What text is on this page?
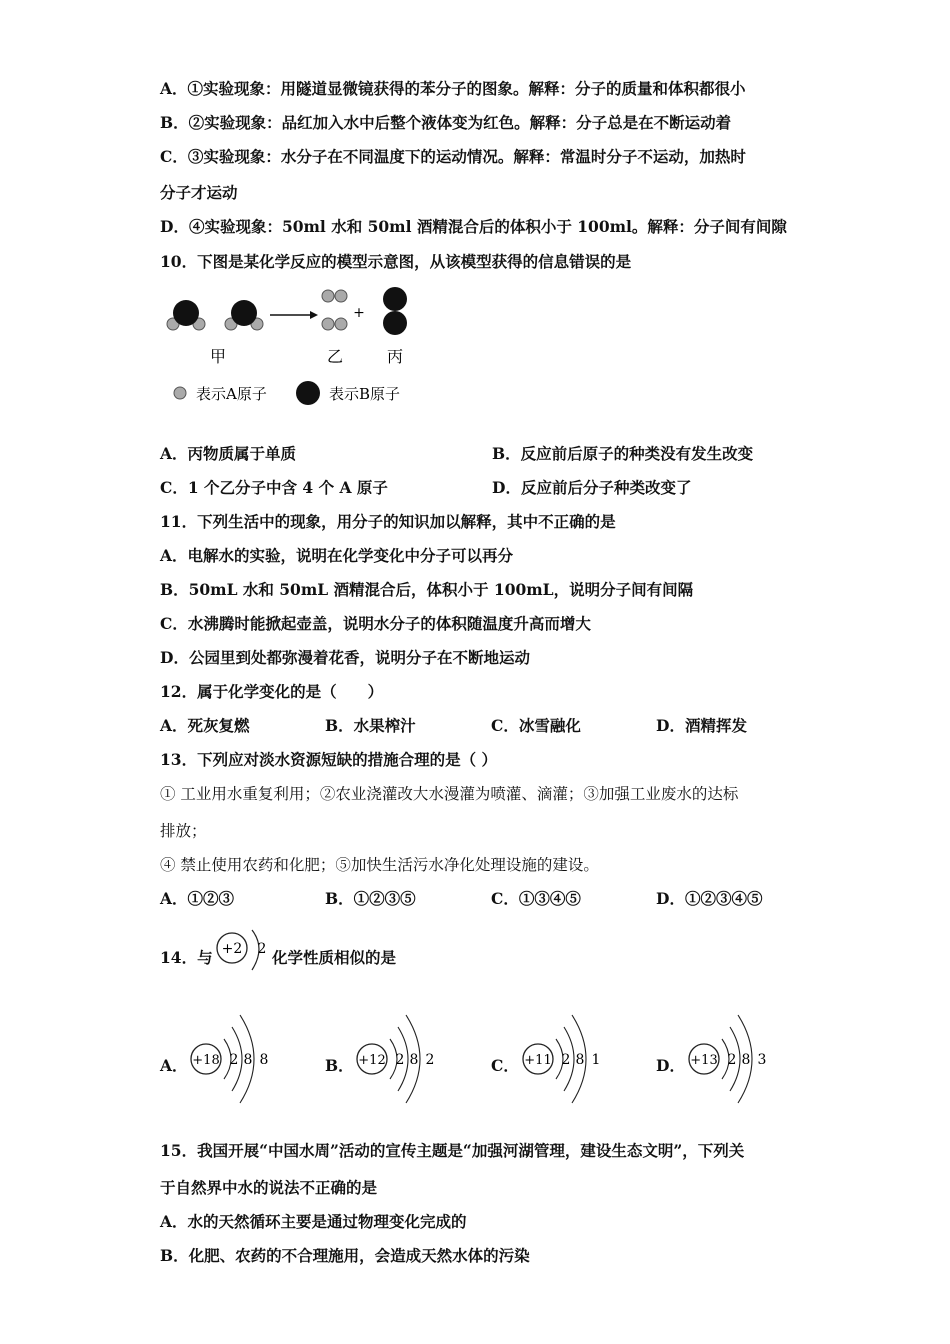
A．①实验现象：用隧道显微镜获得的苯分子的图象。解释：分子的质量和体积都很小
B．②实验现象：品红加入水中后整个液体变为红色。解释：分子总是在不断运动着
C．③实验现象：水分子在不同温度下的运动情况。解释：常温时分子不运动，加热时
分子才运动
D．④实验现象：50ml 水和 50ml 酒精混合后的体积小于 100ml。解释：分子间有间隙
10．下图是某化学反应的模型示意图，从该模型获得的信息错误的是
+
甲	乙	丙
表示A原子	表示B原子
A．丙物质属于单质	B．反应前后原子的种类没有发生改变
C．1 个乙分子中含 4 个 A 原子	D．反应前后分子种类改变了
11．下列生活中的现象，用分子的知识加以解释，其中不正确的是
A．电解水的实验，说明在化学变化中分子可以再分
B．50mL 水和 50mL 酒精混合后，体积小于 100mL，说明分子间有间隔
C．水沸腾时能掀起壶盖，说明水分子的体积随温度升高而增大
D．公园里到处都弥漫着花香，说明分子在不断地运动
12．属于化学变化的是（　　）
A．死灰复燃	B．水果榨汁	C．冰雪融化	D．酒精挥发
13．下列应对淡水资源短缺的措施合理的是（ ）
① 工业用水重复利用；②农业浇灌改大水漫灌为喷灌、滴灌；③加强工业废水的达标
排放；
④ 禁止使用农药和化肥；⑤加快生活污水净化处理设施的建设。
A．①②③	B．①②③⑤	C．①③④⑤	D．①②③④⑤
14．与 +2 2 化学性质相似的是
A． +18 2 8 8	B． +12 2 8 2	C． +11 2 8 1	D． +13 2 8 3
15．我国开展“中国水周”活动的宣传主题是“加强河湖管理，建设生态文明”，下列关
于自然界中水的说法不正确的是
A．水的天然循环主要是通过物理变化完成的
B．化肥、农药的不合理施用，会造成天然水体的污染
